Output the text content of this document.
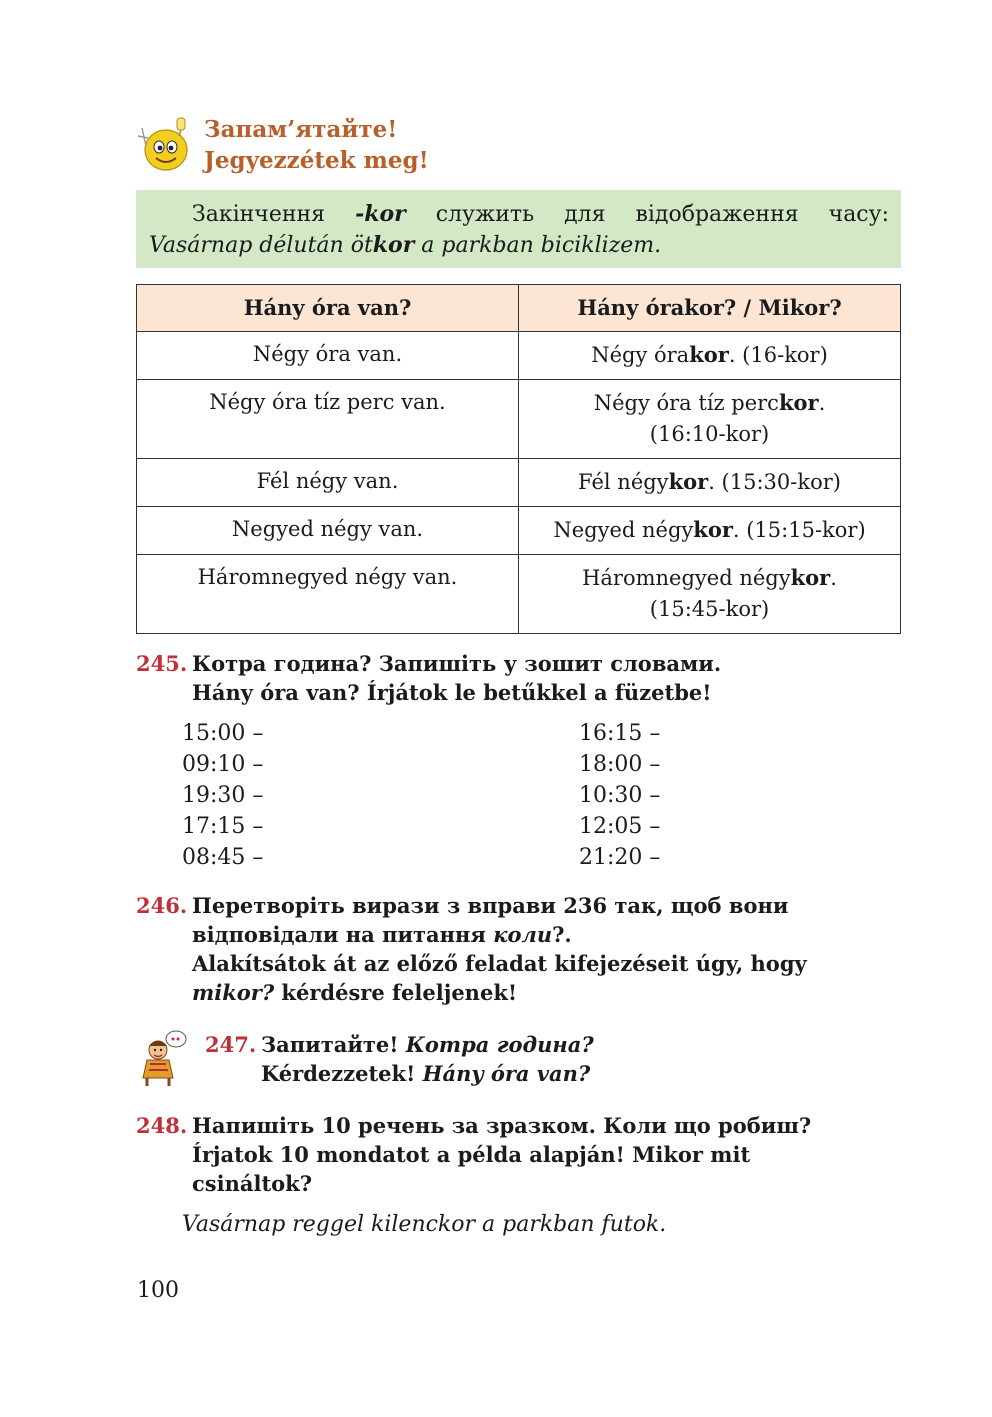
Запам’ятайте!
Jegyezzétek meg!
Закінчення -kor служить для відображення часу:
Vasárnap délután ötkor a parkban biciklizem.
Hány óra van?	Hány órakor? / Mikor?
Négy óra van.	Négy órakor. (16-kor)
Négy óra tíz perc van.	Négy óra tíz perckor.
(16:10-kor)
Fél négy van.	Fél négykor. (15:30-kor)
Negyed négy van.	Negyed négykor. (15:15-kor)
Háromnegyed négy van.	Háromnegyed négykor.
(15:45-kor)
245. Котра година? Запишіть у зошит словами.
Hány óra van? Írjátok le betűkkel a füzetbe!
15:00 –
09:10 –
19:30 –
17:15 –
08:45 –
16:15 –
18:00 –
10:30 –
12:05 –
21:20 –
246. Перетворіть вирази з вправи 236 так, щоб вони
відповідали на питання коли?.
Alakítsátok át az előző feladat kifejezéseit úgy, hogy
mikor? kérdésre feleljenek!
247. Запитайте! Котра година?
Kérdezzetek! Hány óra van?
248. Напишіть 10 речень за зразком. Коли що робиш?
Írjatok 10 mondatot a példa alapján! Mikor mit
csináltok?
Vasárnap reggel kilenckor a parkban futok.
100
